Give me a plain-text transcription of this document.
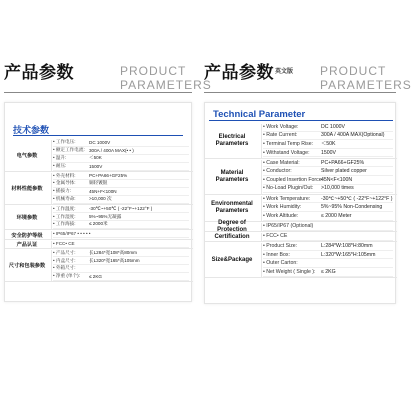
产品参数	PRODUCT
PARAMETERS
技术参数
电气参数
• 工作电压:	DC 1000V
• 额定工作电流: 300A / 400A MAX(• • )
• 温升:	＜50K
• 耐压:	1500V
材料性能参数
• 外壳材料:	PC+PA66+GF25%
• 金属导体:	铜轻镀银
• 插拔力:	45N+F<100N
• 机械寿命:	>10,000 次
环境参数
• 工作温度:	-30℃~+50℃ ( -22°F~+122°F )
• 工作湿度:	5%~95%无凝露
• 工作海拔:	≤ 2000米
安全防护等级	• IP65/IP67 • • • • •
产品认证	• FCC• CE
尺寸和包装参数
• 产品尺寸:	长L284*宽108*高80mm
• 内盒尺寸:	长L320*宽165*高105mm
• 外箱尺寸:
• 净重 (单个):	≤ 2KG
产品参数 英文版 PRODUCT
PARAMETERS
Technical Parameter
Electrical Parameters
• Work Voltage:	DC 1000V
• Rate Current:	300A / 400A MAX(Optional)
• Terminal Temp Rise:	＜50K
• Withstand Voltage:	1500V
Material Parameters
• Case Material:	PC+PA66+GF25%
• Conductor:	Silver plated copper
• Coupled Insertion Force:
45N<F<100N
• No-Load Plugin/Out:	>10,000 times
Environmental Parameters
• Work Temperature:	-30℃~+50℃ ( -22°F~+122°F )
• Work Humidity:	5%~95% Non-Condensing
• Work Altitude:	≤ 2000 Meter
Degree of Protection
• IP65/IP67 (Optional)
Certification	• FCC• CE
Size&Package
• Product Size:	L:284*W:108*H:80mm
• Inner Box:	L:320*W:165*H:105mm
• Outer Carton:
• Net Weight ( Single ):	≤ 2KG
